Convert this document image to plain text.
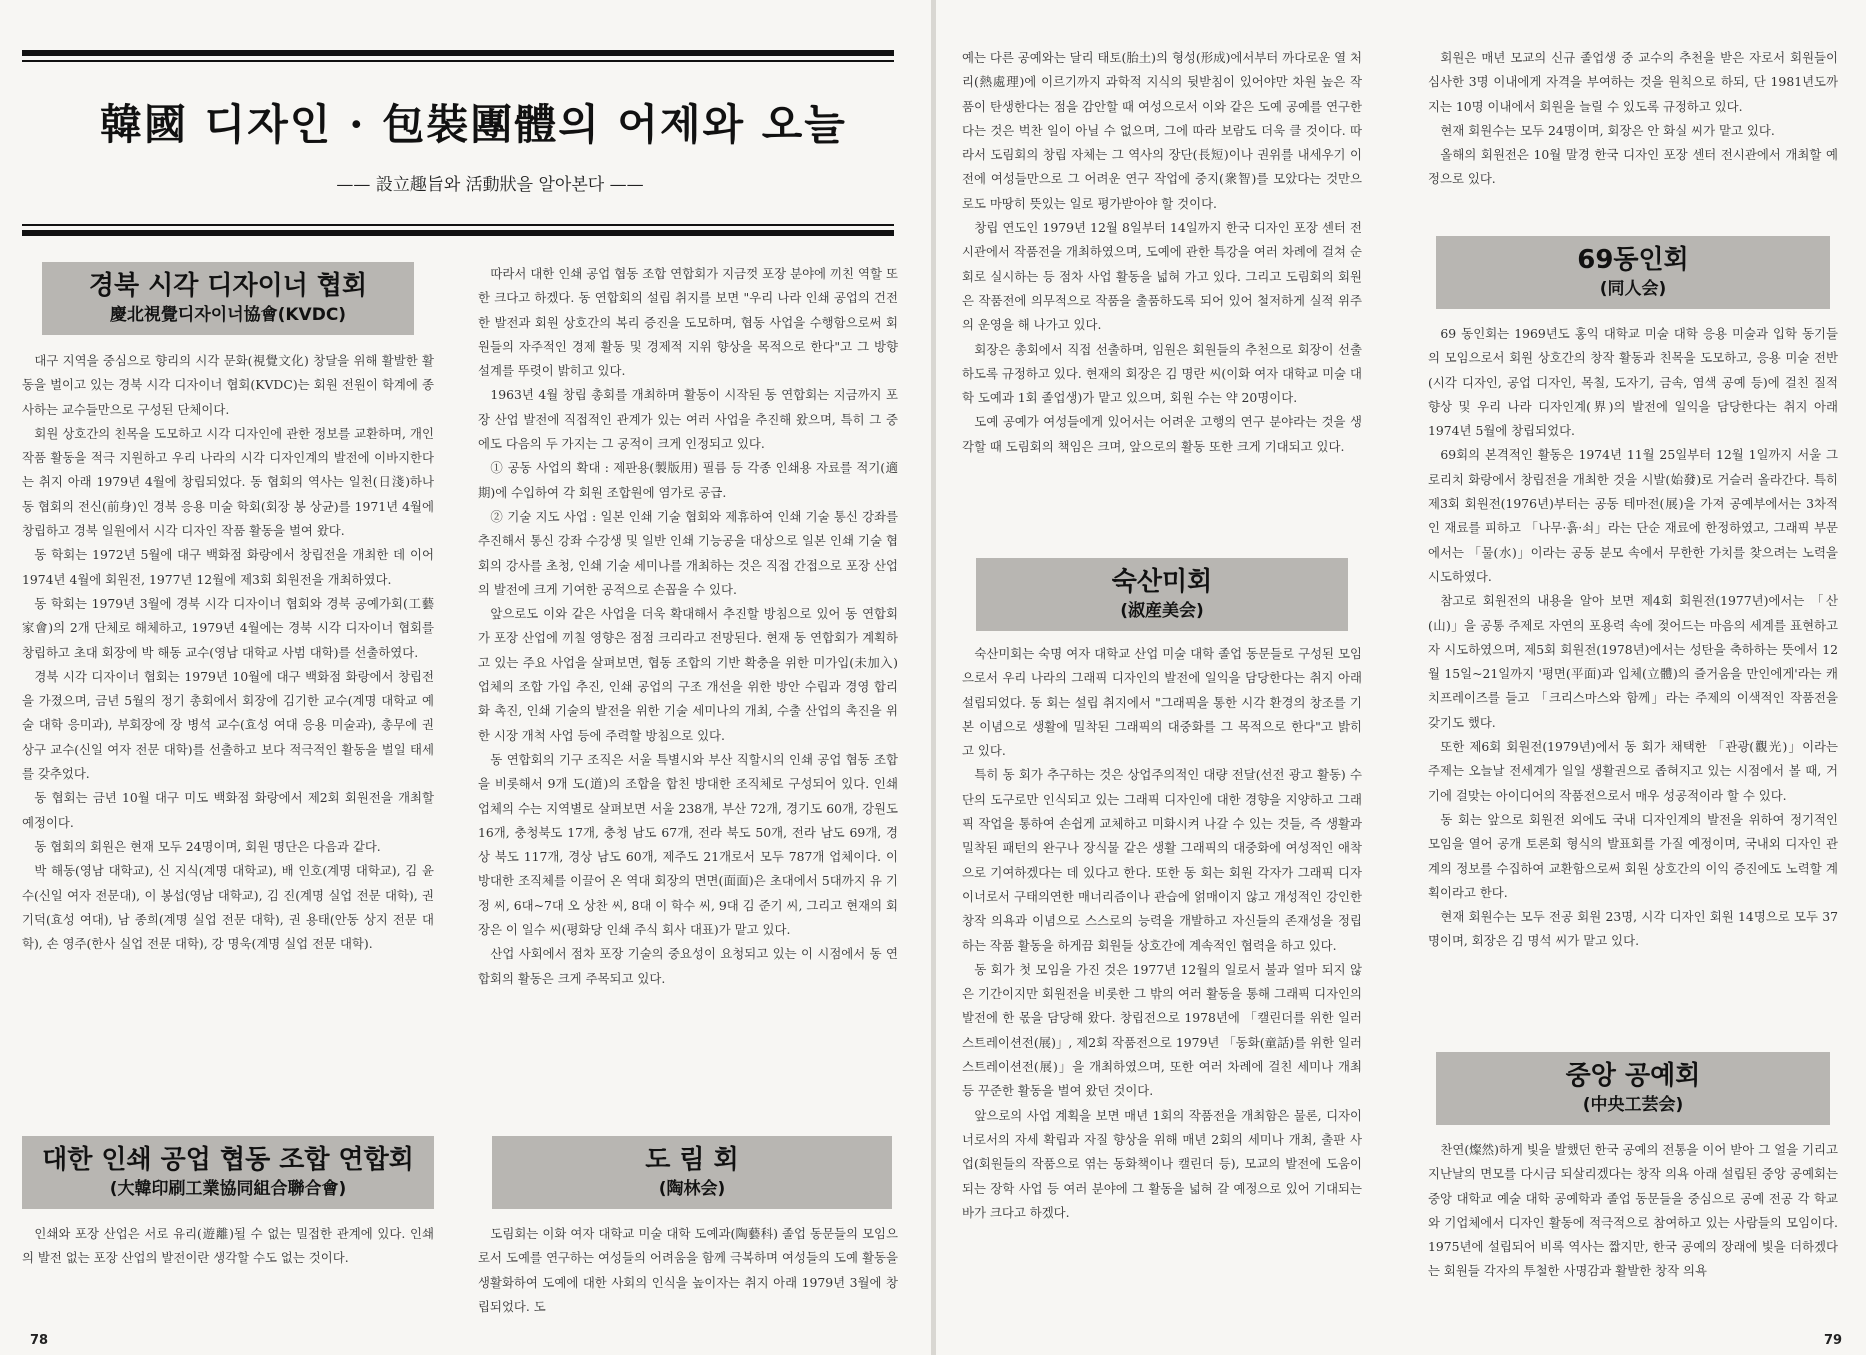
韓國 디자인 · 包裝團體의 어제와 오늘
—— 設立趣旨와 活動狀을 알아본다 ——
경북 시각 디자이너 협회
慶北視覺디자이너協會(KVDC)

대구 지역을 중심으로 향리의 시각 문화(視覺文化) 창달을 위해 활발한 활동을 벌이고 있는 경북 시각 디자이너 협회(KVDC)는 회원 전원이 학계에 종사하는 교수들만으로 구성된 단체이다.

회원 상호간의 친목을 도모하고 시각 디자인에 관한 정보를 교환하며, 개인 작품 활동을 적극 지원하고 우리 나라의 시각 디자인계의 발전에 이바지한다는 취지 아래 1979년 4월에 창립되었다. 동 협회의 역사는 일천(日淺)하나 동 협회의 전신(前身)인 경북 응용 미술 학회(회장 봉 상균)를 1971년 4월에 창립하고 경북 일원에서 시각 디자인 작품 활동을 벌여 왔다.

동 학회는 1972년 5월에 대구 백화점 화랑에서 창립전을 개최한 데 이어 1974년 4월에 회원전, 1977년 12월에 제3회 회원전을 개최하였다.

동 학회는 1979년 3월에 경북 시각 디자이너 협회와 경북 공예가회(工藝家會)의 2개 단체로 해체하고, 1979년 4월에는 경북 시각 디자이너 협회를 창립하고 초대 회장에 박 해동 교수(영남 대학교 사범 대학)를 선출하였다.

경북 시각 디자이너 협회는 1979년 10월에 대구 백화점 화랑에서 창립전을 가졌으며, 금년 5월의 정기 총회에서 회장에 김기한 교수(계명 대학교 예술 대학 응미과), 부회장에 장 병석 교수(효성 여대 응용 미술과), 총무에 권 상구 교수(신일 여자 전문 대학)를 선출하고 보다 적극적인 활동을 벌일 태세를 갖추었다.

동 협회는 금년 10월 대구 미도 백화점 화랑에서 제2회 회원전을 개최할 예정이다.

동 협회의 회원은 현재 모두 24명이며, 회원 명단은 다음과 같다.

박 해동(영남 대학교), 신 지식(계명 대학교), 배 인호(계명 대학교), 김 윤수(신일 여자 전문대), 이 봉섭(영남 대학교), 김 진(계명 실업 전문 대학), 권 기덕(효성 여대), 남 종희(계명 실업 전문 대학), 권 용태(안동 상지 전문 대학), 손 영주(한사 실업 전문 대학), 강 명욱(계명 실업 전문 대학).

대한 인쇄 공업 협동 조합 연합회
(大韓印刷工業協同組合聯合會)

인쇄와 포장 산업은 서로 유리(遊離)될 수 없는 밀접한 관계에 있다. 인쇄의 발전 없는 포장 산업의 발전이란 생각할 수도 없는 것이다.

따라서 대한 인쇄 공업 협동 조합 연합회가 지금껏 포장 분야에 끼친 역할 또한 크다고 하겠다. 동 연합회의 설립 취지를 보면 "우리 나라 인쇄 공업의 건전한 발전과 회원 상호간의 복리 증진을 도모하며, 협동 사업을 수행함으로써 회원들의 자주적인 경제 활동 및 경제적 지위 향상을 목적으로 한다"고 그 방향 설계를 뚜렷이 밝히고 있다.

1963년 4월 창립 총회를 개최하며 활동이 시작된 동 연합회는 지금까지 포장 산업 발전에 직접적인 관계가 있는 여러 사업을 추진해 왔으며, 특히 그 중에도 다음의 두 가지는 그 공적이 크게 인정되고 있다.

① 공동 사업의 확대 : 제판용(製版用) 필름 등 각종 인쇄용 자료를 적기(適期)에 수입하여 각 회원 조합원에 염가로 공급.

② 기술 지도 사업 : 일본 인쇄 기술 협회와 제휴하여 인쇄 기술 통신 강좌를 추진해서 통신 강좌 수강생 및 일반 인쇄 기능공을 대상으로 일본 인쇄 기술 협회의 강사를 초청, 인쇄 기술 세미나를 개최하는 것은 직접 간접으로 포장 산업의 발전에 크게 기여한 공적으로 손꼽을 수 있다.

앞으로도 이와 같은 사업을 더욱 확대해서 추진할 방침으로 있어 동 연합회가 포장 산업에 끼칠 영향은 점점 크리라고 전망된다. 현재 동 연합회가 계획하고 있는 주요 사업을 살펴보면, 협동 조합의 기반 확충을 위한 미가입(未加入) 업체의 조합 가입 추진, 인쇄 공업의 구조 개선을 위한 방안 수립과 경영 합리화 촉진, 인쇄 기술의 발전을 위한 기술 세미나의 개최, 수출 산업의 촉진을 위한 시장 개척 사업 등에 주력할 방침으로 있다.

동 연합회의 기구 조직은 서울 특별시와 부산 직할시의 인쇄 공업 협동 조합을 비롯해서 9개 도(道)의 조합을 합친 방대한 조직체로 구성되어 있다. 인쇄 업체의 수는 지역별로 살펴보면 서울 238개, 부산 72개, 경기도 60개, 강원도 16개, 충청북도 17개, 충청 남도 67개, 전라 북도 50개, 전라 남도 69개, 경상 북도 117개, 경상 남도 60개, 제주도 21개로서 모두 787개 업체이다. 이 방대한 조직체를 이끌어 온 역대 회장의 면면(面面)은 초대에서 5대까지 유 기정 씨, 6대~7대 오 상찬 씨, 8대 이 학수 씨, 9대 김 준기 씨, 그리고 현재의 회장은 이 일수 씨(평화당 인쇄 주식 회사 대표)가 맡고 있다.

산업 사회에서 점차 포장 기술의 중요성이 요청되고 있는 이 시점에서 동 연합회의 활동은 크게 주목되고 있다.

도 림 회
(陶林会)

도림회는 이화 여자 대학교 미술 대학 도예과(陶藝科) 졸업 동문들의 모임으로서 도예를 연구하는 여성들의 어려움을 함께 극복하며 여성들의 도예 활동을 생활화하여 도예에 대한 사회의 인식을 높이자는 취지 아래 1979년 3월에 창립되었다. 도

78

예는 다른 공예와는 달리 태토(胎土)의 형성(形成)에서부터 까다로운 열 처리(熱處理)에 이르기까지 과학적 지식의 뒷받침이 있어야만 차원 높은 작품이 탄생한다는 점을 감안할 때 여성으로서 이와 같은 도예 공예를 연구한다는 것은 벅찬 일이 아닐 수 없으며, 그에 따라 보람도 더욱 클 것이다. 따라서 도림회의 창립 자체는 그 역사의 장단(長短)이나 권위를 내세우기 이전에 여성들만으로 그 어려운 연구 작업에 중지(衆智)를 모았다는 것만으로도 마땅히 뜻있는 일로 평가받아야 할 것이다.

창립 연도인 1979년 12월 8일부터 14일까지 한국 디자인 포장 센터 전시관에서 작품전을 개최하였으며, 도예에 관한 특강을 여러 차례에 걸쳐 순회로 실시하는 등 점차 사업 활동을 넓혀 가고 있다. 그리고 도림회의 회원은 작품전에 의무적으로 작품을 출품하도록 되어 있어 철저하게 실적 위주의 운영을 해 나가고 있다.

회장은 총회에서 직접 선출하며, 임원은 회원들의 추천으로 회장이 선출하도록 규정하고 있다. 현재의 회장은 김 명란 씨(이화 여자 대학교 미술 대학 도예과 1회 졸업생)가 맡고 있으며, 회원 수는 약 20명이다.

도예 공예가 여성들에게 있어서는 어려운 고행의 연구 분야라는 것을 생각할 때 도림회의 책임은 크며, 앞으로의 활동 또한 크게 기대되고 있다.

숙산미회
(淑産美会)

숙산미회는 숙명 여자 대학교 산업 미술 대학 졸업 동문들로 구성된 모임으로서 우리 나라의 그래픽 디자인의 발전에 일익을 담당한다는 취지 아래 설립되었다. 동 회는 설립 취지에서 "그래픽을 통한 시각 환경의 창조를 기본 이념으로 생활에 밀착된 그래픽의 대중화를 그 목적으로 한다"고 밝히고 있다.

특히 동 회가 추구하는 것은 상업주의적인 대량 전달(선전 광고 활동) 수단의 도구로만 인식되고 있는 그래픽 디자인에 대한 경향을 지양하고 그래픽 작업을 통하여 손쉽게 교체하고 미화시켜 나갈 수 있는 것들, 즉 생활과 밀착된 패턴의 완구나 장식물 같은 생활 그래픽의 대중화에 여성적인 애착으로 기여하겠다는 데 있다고 한다. 또한 동 회는 회원 각자가 그래픽 디자이너로서 구태의연한 매너리즘이나 관습에 얽매이지 않고 개성적인 강인한 창작 의욕과 이념으로 스스로의 능력을 개발하고 자신들의 존재성을 정립하는 작품 활동을 하게끔 회원들 상호간에 계속적인 협력을 하고 있다.

동 회가 첫 모임을 가진 것은 1977년 12월의 일로서 불과 얼마 되지 않은 기간이지만 회원전을 비롯한 그 밖의 여러 활동을 통해 그래픽 디자인의 발전에 한 몫을 담당해 왔다. 창립전으로 1978년에 「캘린더를 위한 일러스트레이션전(展)」, 제2회 작품전으로 1979년 「동화(童話)를 위한 일러스트레이션전(展)」을 개최하였으며, 또한 여러 차례에 걸친 세미나 개최 등 꾸준한 활동을 벌여 왔던 것이다.

앞으로의 사업 계획을 보면 매년 1회의 작품전을 개최함은 물론, 디자이너로서의 자세 확립과 자질 향상을 위해 매년 2회의 세미나 개최, 출판 사업(회원들의 작품으로 엮는 동화책이나 캘린더 등), 모교의 발전에 도움이 되는 장학 사업 등 여러 분야에 그 활동을 넓혀 갈 예정으로 있어 기대되는 바가 크다고 하겠다.

회원은 매년 모교의 신규 졸업생 중 교수의 추천을 받은 자로서 회원들이 심사한 3명 이내에게 자격을 부여하는 것을 원칙으로 하되, 단 1981년도까지는 10명 이내에서 회원을 늘릴 수 있도록 규정하고 있다.

현재 회원수는 모두 24명이며, 회장은 안 화실 씨가 맡고 있다.

올해의 회원전은 10월 말경 한국 디자인 포장 센터 전시관에서 개최할 예정으로 있다.

69동인회
(同人会)

69 동인회는 1969년도 홍익 대학교 미술 대학 응용 미술과 입학 동기들의 모임으로서 회원 상호간의 창작 활동과 친목을 도모하고, 응용 미술 전반(시각 디자인, 공업 디자인, 목칠, 도자기, 금속, 염색 공예 등)에 걸친 질적 향상 및 우리 나라 디자인계(界)의 발전에 일익을 담당한다는 취지 아래 1974년 5월에 창립되었다.

69회의 본격적인 활동은 1974년 11월 25일부터 12월 1일까지 서울 그로리치 화랑에서 창립전을 개최한 것을 시발(始發)로 거슬러 올라간다. 특히 제3회 회원전(1976년)부터는 공동 테마전(展)을 가져 공예부에서는 3차적인 재료를 피하고 「나무·흙·쇠」라는 단순 재료에 한정하였고, 그래픽 부문에서는 「물(水)」이라는 공동 분모 속에서 무한한 가치를 찾으려는 노력을 시도하였다.

참고로 회원전의 내용을 알아 보면 제4회 회원전(1977년)에서는 「산(山)」을 공통 주제로 자연의 포용력 속에 젖어드는 마음의 세계를 표현하고자 시도하였으며, 제5회 회원전(1978년)에서는 성탄을 축하하는 뜻에서 12월 15일~21일까지 '평면(平面)과 입체(立體)의 즐거움을 만인에게'라는 캐치프레이즈를 들고 「크리스마스와 함께」라는 주제의 이색적인 작품전을 갖기도 했다.

또한 제6회 회원전(1979년)에서 동 회가 채택한 「관광(觀光)」이라는 주제는 오늘날 전세계가 일일 생활권으로 좁혀지고 있는 시점에서 볼 때, 거기에 걸맞는 아이디어의 작품전으로서 매우 성공적이라 할 수 있다.

동 회는 앞으로 회원전 외에도 국내 디자인계의 발전을 위하여 정기적인 모임을 열어 공개 토론회 형식의 발표회를 가질 예정이며, 국내외 디자인 관계의 정보를 수집하여 교환함으로써 회원 상호간의 이익 증진에도 노력할 계획이라고 한다.

현재 회원수는 모두 전공 회원 23명, 시각 디자인 회원 14명으로 모두 37명이며, 회장은 김 명석 씨가 맡고 있다.

중앙 공예회
(中央工芸会)

찬연(燦然)하게 빛을 발했던 한국 공예의 전통을 이어 받아 그 얼을 기리고 지난날의 면모를 다시금 되살리겠다는 창작 의욕 아래 설립된 중앙 공예회는 중앙 대학교 예술 대학 공예학과 졸업 동문들을 중심으로 공예 전공 각 학교와 기업체에서 디자인 활동에 적극적으로 참여하고 있는 사람들의 모임이다. 1975년에 설립되어 비록 역사는 짧지만, 한국 공예의 장래에 빛을 더하겠다는 회원들 각자의 투철한 사명감과 활발한 창작 의욕

79
